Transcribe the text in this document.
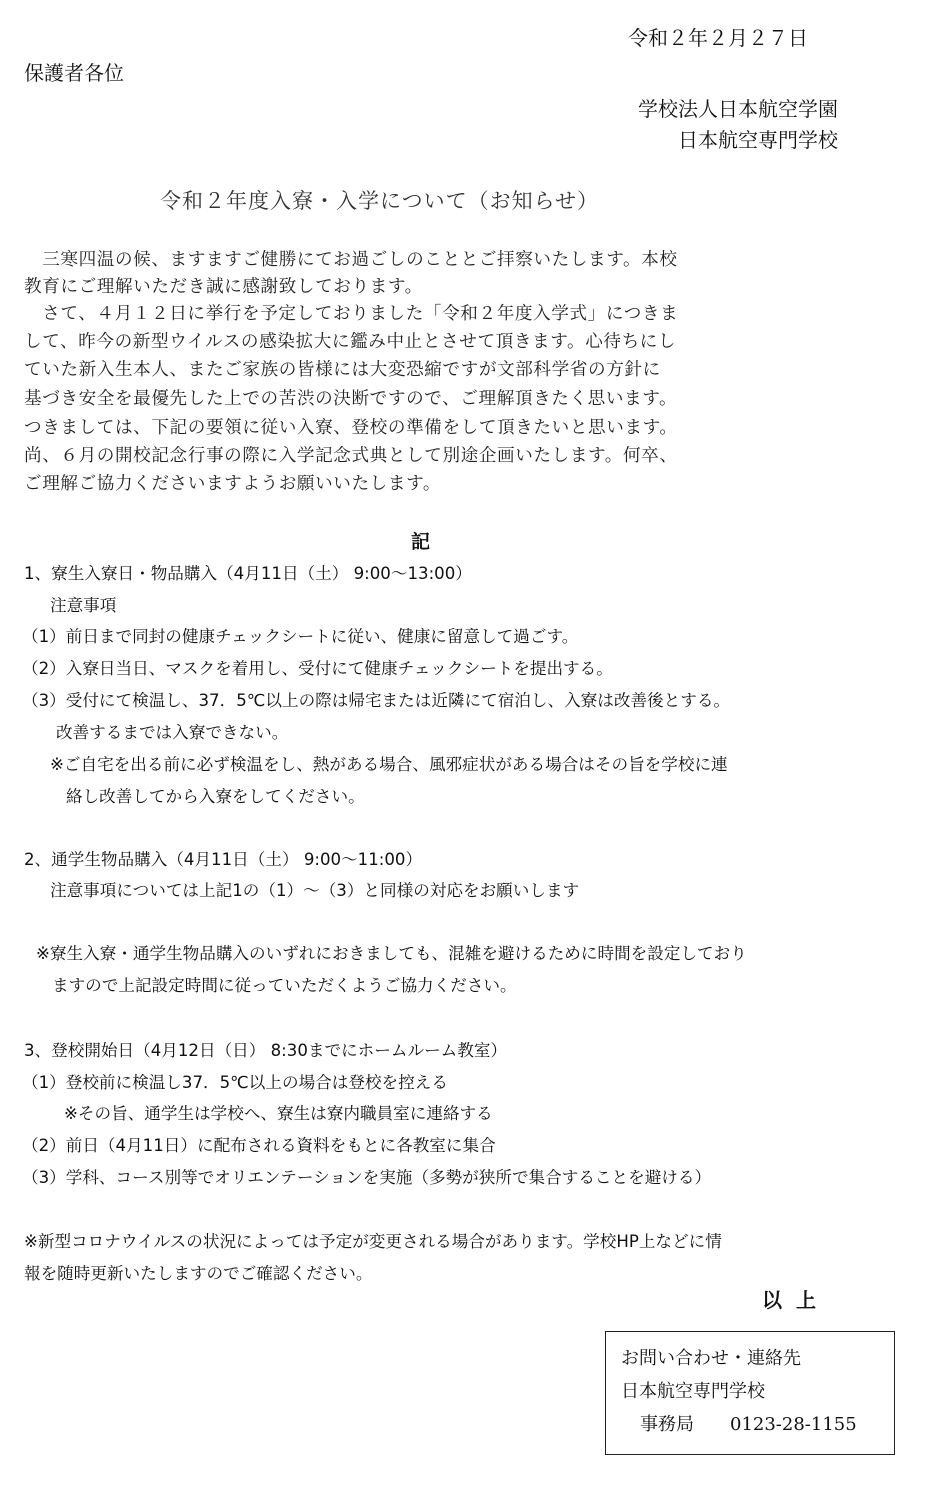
令和２年２月２７日
保護者各位
学校法人日本航空学園
日本航空専門学校
令和２年度入寮・入学について（お知らせ）
　三寒四温の候、ますますご健勝にてお過ごしのこととご拝察いたします。本校
教育にご理解いただき誠に感謝致しております。
　さて、４月１２日に挙行を予定しておりました「令和２年度入学式」につきま
して、昨今の新型ウイルスの感染拡大に鑑み中止とさせて頂きます。心待ちにし
ていた新入生本人、またご家族の皆様には大変恐縮ですが文部科学省の方針に
基づき安全を最優先した上での苦渋の決断ですので、ご理解頂きたく思います。
つきましては、下記の要領に従い入寮、登校の準備をして頂きたいと思います。
尚、６月の開校記念行事の際に入学記念式典として別途企画いたします。何卒、
ご理解ご協力くださいますようお願いいたします。
記
1、寮生入寮日・物品購入（4月11日（土） 9:00～13:00）
注意事項
（1）前日まで同封の健康チェックシートに従い、健康に留意して過ごす。
（2）入寮日当日、マスクを着用し、受付にて健康チェックシートを提出する。
（3）受付にて検温し、37．5℃以上の際は帰宅または近隣にて宿泊し、入寮は改善後とする。
改善するまでは入寮できない。
※ご自宅を出る前に必ず検温をし、熱がある場合、風邪症状がある場合はその旨を学校に連
絡し改善してから入寮をしてください。
2、通学生物品購入（4月11日（土） 9:00～11:00）
注意事項については上記1の（1）～（3）と同様の対応をお願いします
※寮生入寮・通学生物品購入のいずれにおきましても、混雑を避けるために時間を設定しており
ますので上記設定時間に従っていただくようご協力ください。
3、登校開始日（4月12日（日） 8:30までにホームルーム教室）
（1）登校前に検温し37．5℃以上の場合は登校を控える
※その旨、通学生は学校へ、寮生は寮内職員室に連絡する
（2）前日（4月11日）に配布される資料をもとに各教室に集合
（3）学科、コース別等でオリエンテーションを実施（多勢が狭所で集合することを避ける）
※新型コロナウイルスの状況によっては予定が変更される場合があります。学校HP上などに情
報を随時更新いたしますのでご確認ください。
以上
お問い合わせ・連絡先
日本航空専門学校
事務局　　0123-28-1155
